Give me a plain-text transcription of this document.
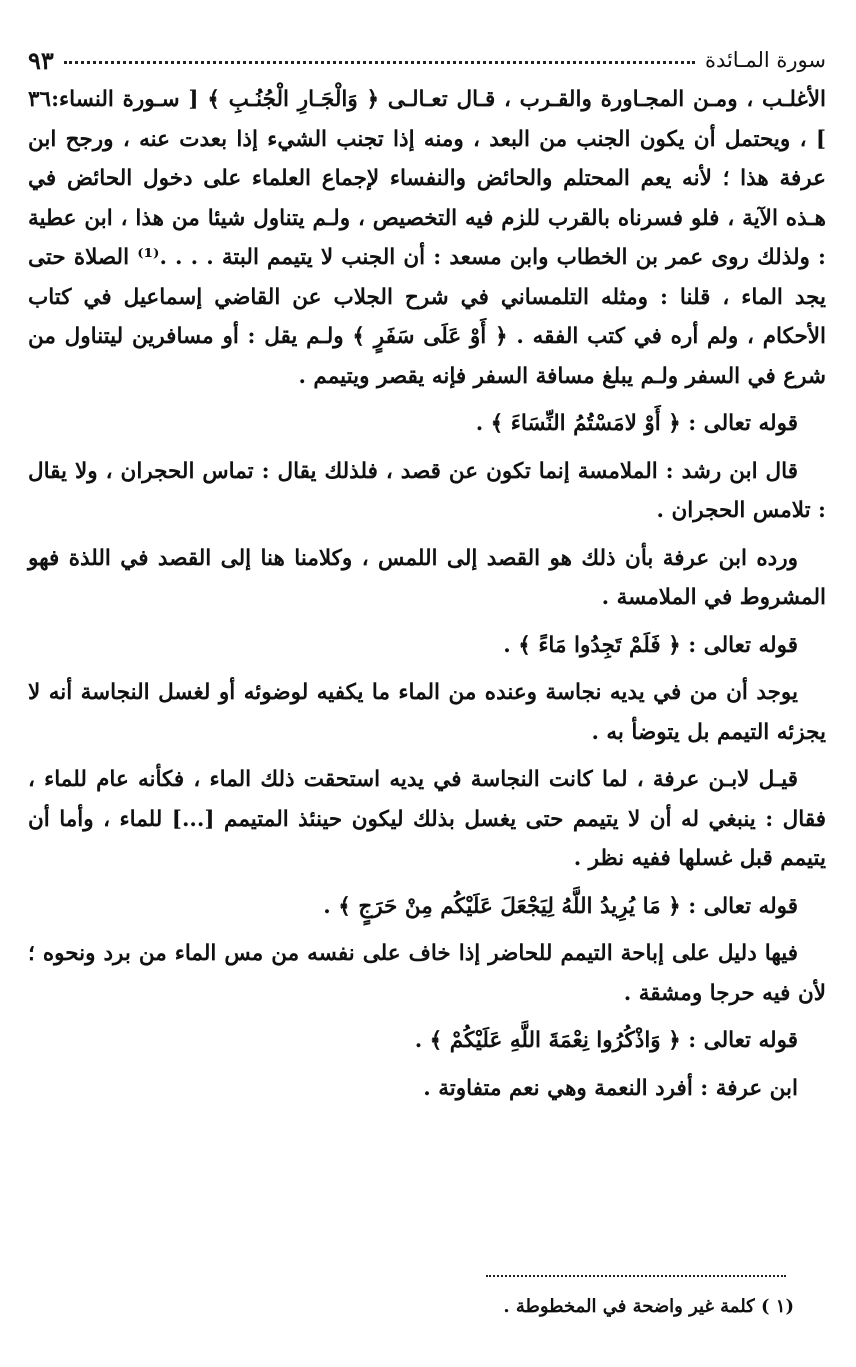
سورة المـائدة
٩٣

الأغلـب ، ومـن المجـاورة والقـرب ، قـال تعـالـى ﴿ وَالْجَـارِ الْجُنُـبِ ﴾ [ سـورة النساء:٣٦ ] ، ويحتمل أن يكون الجنب من البعد ، ومنه إذا تجنب الشيء إذا بعدت عنه ، ورجح ابن عرفة هذا ؛ لأنه يعم المحتلم والحائض والنفساء لإجماع العلماء على دخول الحائض في هـذه الآية ، فلو فسرناه بالقرب للزم فيه التخصيص ، ولـم يتناول شيئا من هذا ، ابن عطية : ولذلك روى عمر بن الخطاب وابن مسعد : أن الجنب لا يتيمم البتة . . . .⁽¹⁾ الصلاة حتى يجد الماء ، قلنا : ومثله التلمساني في شرح الجلاب عن القاضي إسماعيل في كتاب الأحكام ، ولم أره في كتب الفقه . ﴿ أَوْ عَلَى سَفَرٍ ﴾ ولـم يقل : أو مسافرين ليتناول من شرع في السفر ولـم يبلغ مسافة السفر فإنه يقصر ويتيمم .

قوله تعالى : ﴿ أَوْ لامَسْتُمُ النِّسَاءَ ﴾ .

قال ابن رشد : الملامسة إنما تكون عن قصد ، فلذلك يقال : تماس الحجران ، ولا يقال : تلامس الحجران .

ورده ابن عرفة بأن ذلك هو القصد إلى اللمس ، وكلامنا هنا إلى القصد في اللذة فهو المشروط في الملامسة .

قوله تعالى : ﴿ فَلَمْ تَجِدُوا مَاءً ﴾ .

يوجد أن من في يديه نجاسة وعنده من الماء ما يكفيه لوضوئه أو لغسل النجاسة أنه لا يجزئه التيمم بل يتوضأ به .

قيـل لابـن عرفة ، لما كانت النجاسة في يديه استحقت ذلك الماء ، فكأنه عام للماء ، فقال : ينبغي له أن لا يتيمم حتى يغسل بذلك ليكون حينئذ المتيمم [...] للماء ، وأما أن يتيمم قبل غسلها ففيه نظر .

قوله تعالى : ﴿ مَا يُرِيدُ اللَّهُ لِيَجْعَلَ عَلَيْكُم مِنْ حَرَجٍ ﴾ .

فيها دليل على إباحة التيمم للحاضر إذا خاف على نفسه من مس الماء من برد ونحوه ؛ لأن فيه حرجا ومشقة .

قوله تعالى : ﴿ وَاذْكُرُوا نِعْمَةَ اللَّهِ عَلَيْكُمْ ﴾ .

ابن عرفة : أفرد النعمة وهي نعم متفاوتة .

(١ ) كلمة غير واضحة في المخطوطة .
